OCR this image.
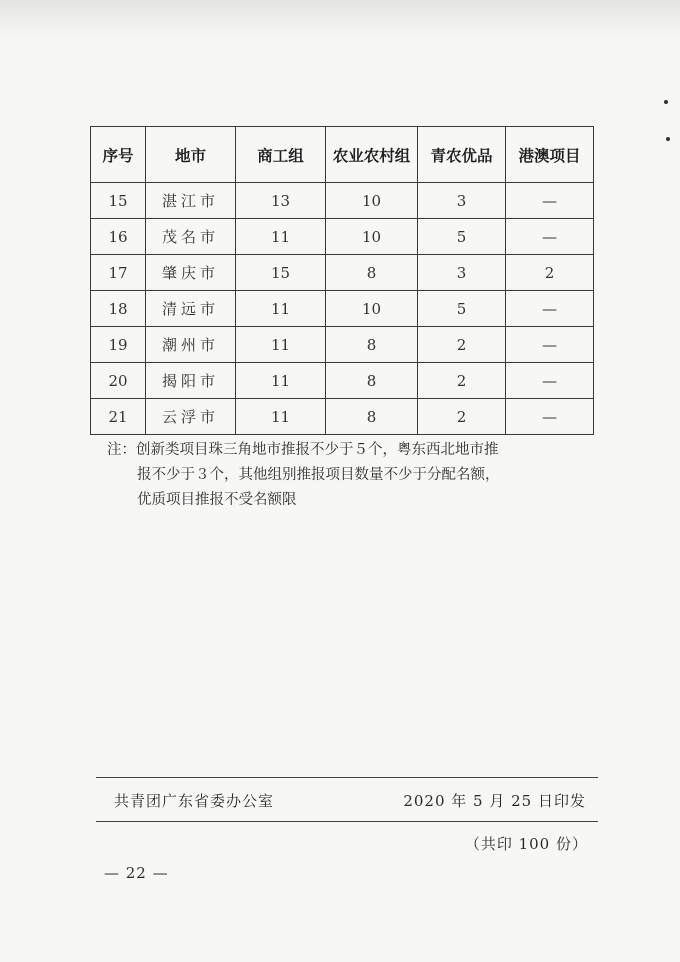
序号	地市	商工组	农业农村组	青农优品	港澳项目
15	湛江市	13	10	3	—
16	茂名市	11	10	5	—
17	肇庆市	15	8	3	2
18	清远市	11	10	5	—
19	潮州市	11	8	2	—
20	揭阳市	11	8	2	—
21	云浮市	11	8	2	—
注：创新类项目珠三角地市推报不少于５个，粤东西北地市推
报不少于３个，其他组别推报项目数量不少于分配名额，
优质项目推报不受名额限
共青团广东省委办公室	2020 年 5 月 25 日印发
（共印 100 份）
— 22 —
